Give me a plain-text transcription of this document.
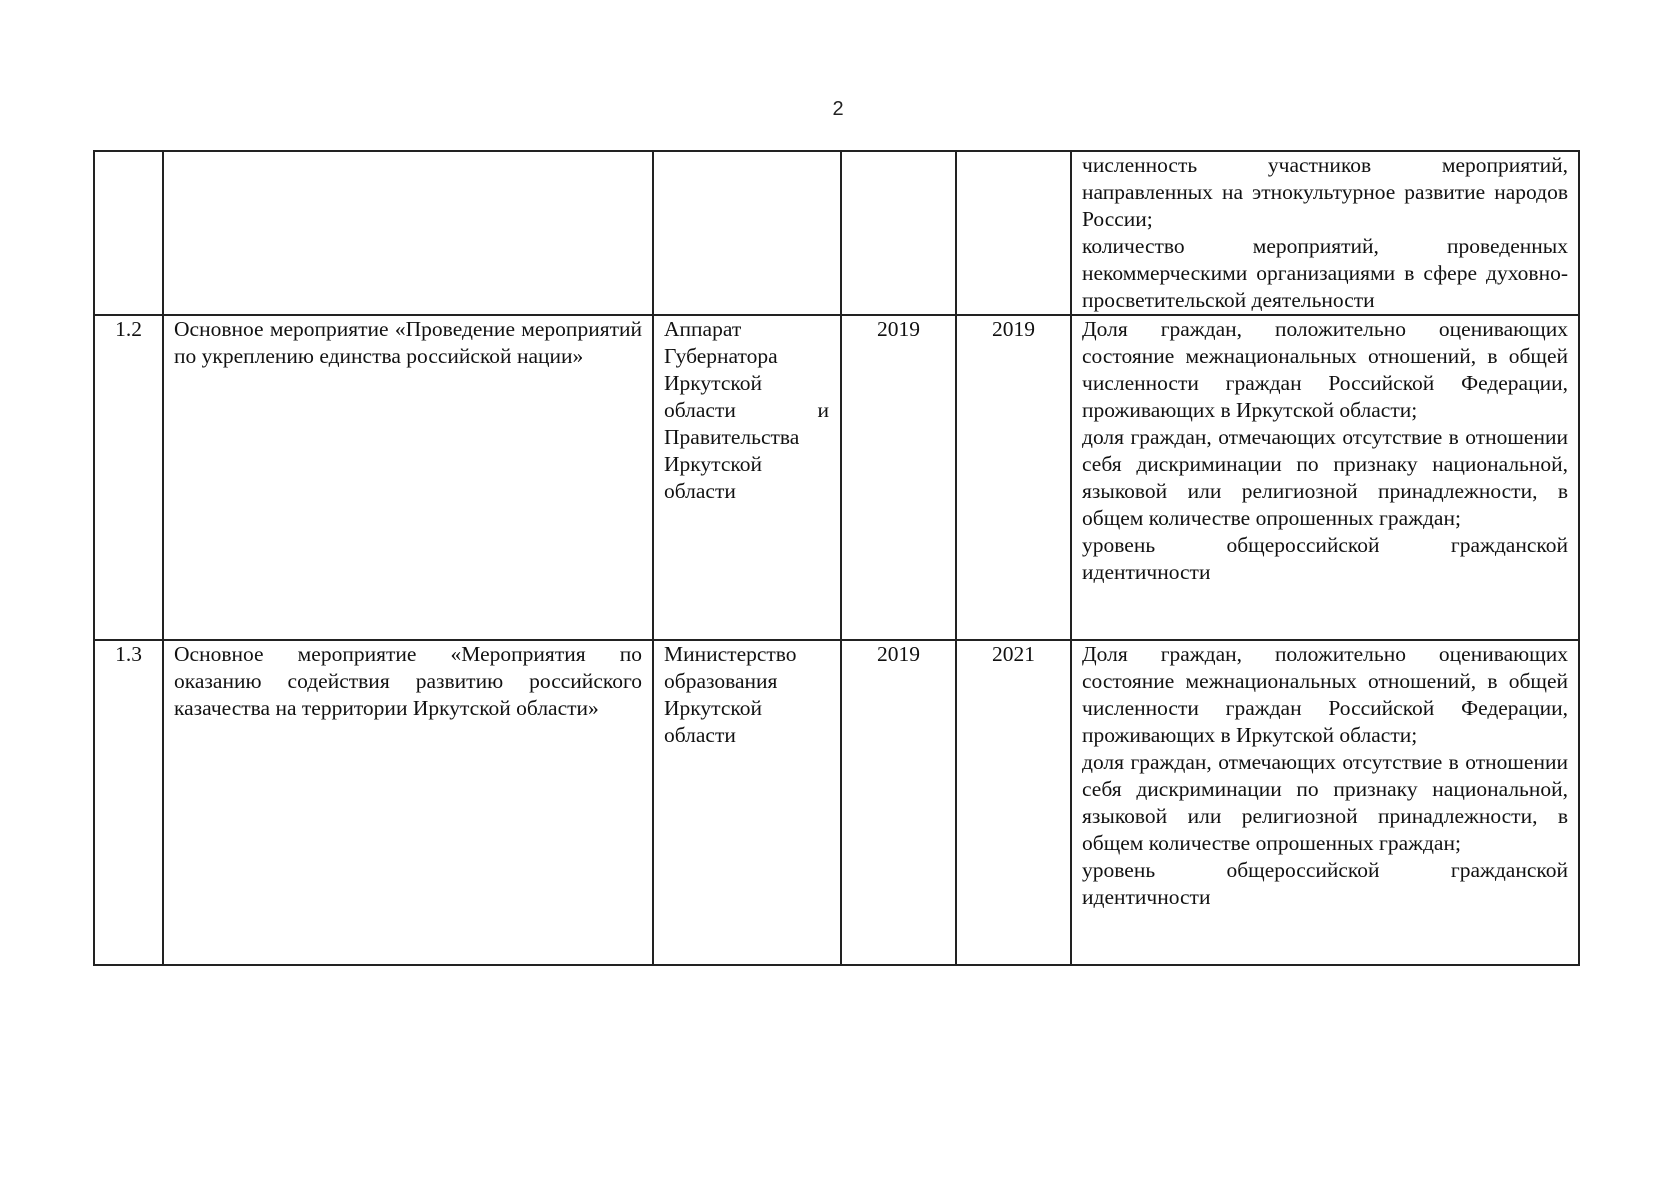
2

					численность участников мероприятий, направленных на этнокультурное развитие народов России;
количество мероприятий, проведенных некоммерческими организациями в сфере духовно-просветительской деятельности

1.2	Основное мероприятие «Проведение мероприятий по укреплению единства российской нации»	Аппарат Губернатора Иркутской области и Правительства Иркутской области	2019	2019	Доля граждан, положительно оценивающих состояние межнациональных отношений, в общей численности граждан Российской Федерации, проживающих в Иркутской области;
доля граждан, отмечающих отсутствие в отношении себя дискриминации по признаку национальной, языковой или религиозной принадлежности, в общем количестве опрошенных граждан;
уровень общероссийской гражданской идентичности

1.3	Основное мероприятие «Мероприятия по оказанию содействия развитию российского казачества на территории Иркутской области»	Министерство образования Иркутской области	2019	2021	Доля граждан, положительно оценивающих состояние межнациональных отношений, в общей численности граждан Российской Федерации, проживающих в Иркутской области;
доля граждан, отмечающих отсутствие в отношении себя дискриминации по признаку национальной, языковой или религиозной принадлежности, в общем количестве опрошенных граждан;
уровень общероссийской гражданской идентичности
